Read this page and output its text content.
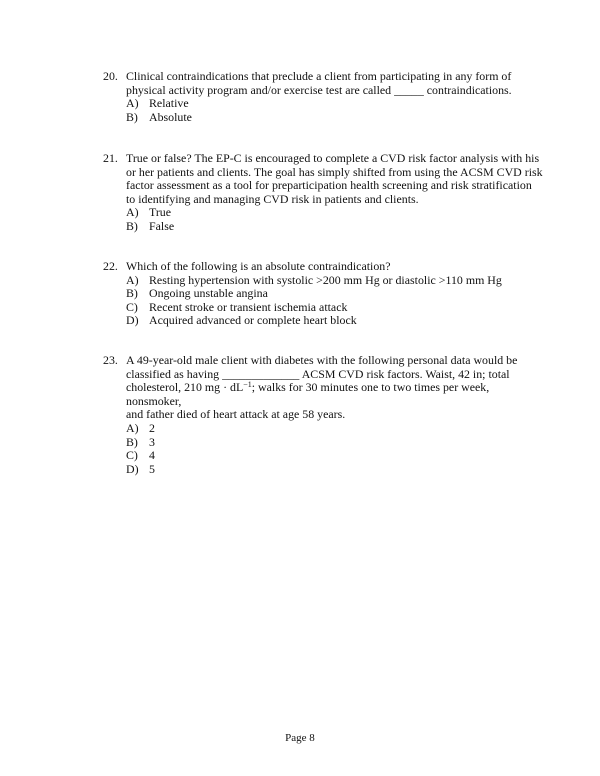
20. Clinical contraindications that preclude a client from participating in any form of physical activity program and/or exercise test are called _____ contraindications.
A) Relative
B) Absolute
21. True or false? The EP-C is encouraged to complete a CVD risk factor analysis with his or her patients and clients. The goal has simply shifted from using the ACSM CVD risk factor assessment as a tool for preparticipation health screening and risk stratification to identifying and managing CVD risk in patients and clients.
A) True
B) False
22. Which of the following is an absolute contraindication?
A) Resting hypertension with systolic >200 mm Hg or diastolic >110 mm Hg
B) Ongoing unstable angina
C) Recent stroke or transient ischemia attack
D) Acquired advanced or complete heart block
23. A 49-year-old male client with diabetes with the following personal data would be
classified as having _____________ ACSM CVD risk factors. Waist, 42 in; total
cholesterol, 210 mg · $dL^{-1}$; walks for 30 minutes one to two times per week, nonsmoker,
and father died of heart attack at age 58 years.
A) 2
B) 3
C) 4
D) 5
Page 8
